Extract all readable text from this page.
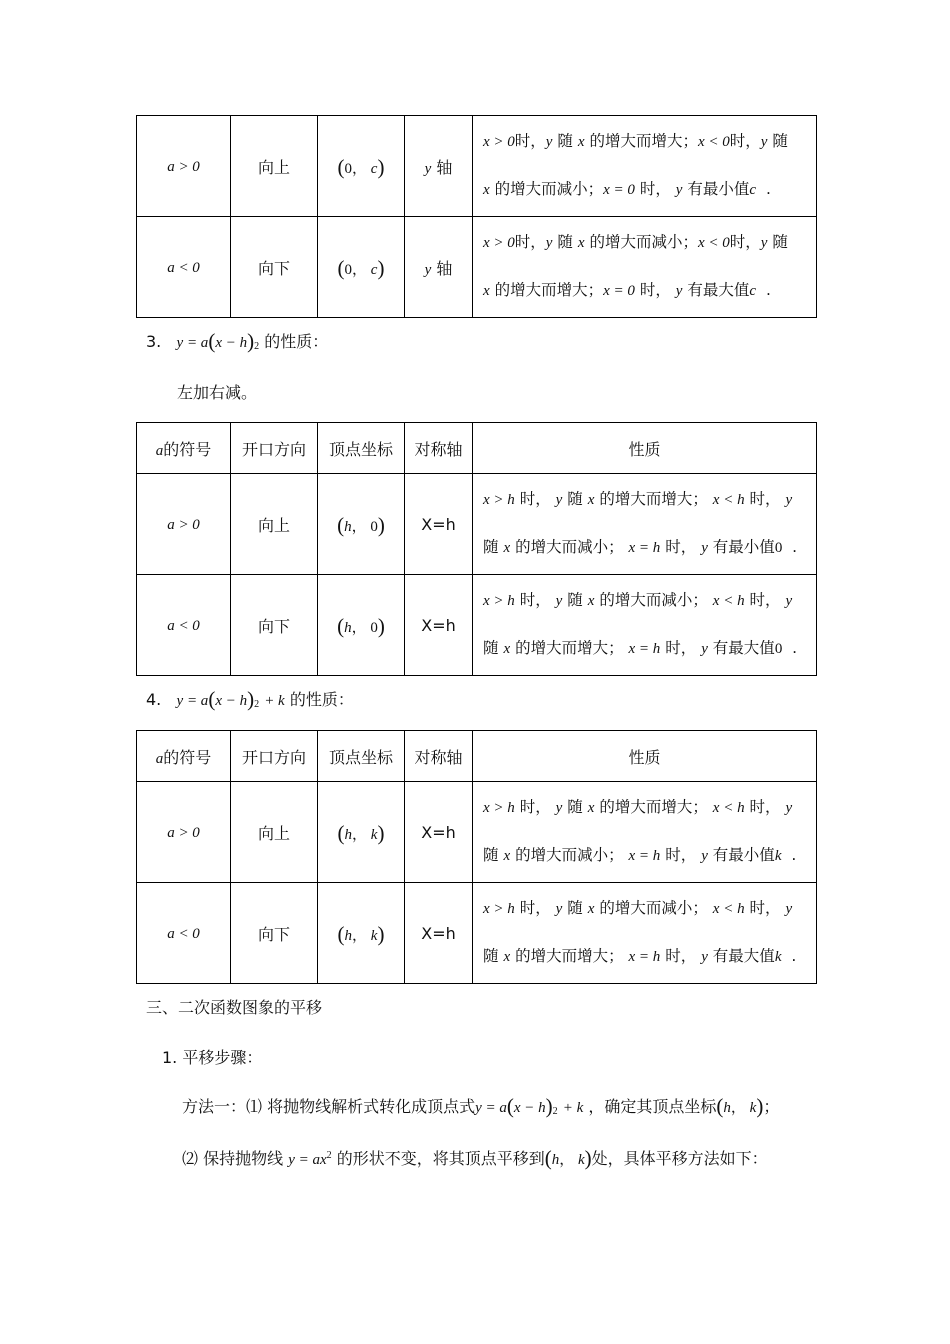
a > 0	向上	(0， c)	y 轴	x > 0时，y 随 x 的增大而增大；x < 0时，y 随
x 的增大而减小；x = 0 时， y 有最小值c .

a < 0	向下	(0， c)	y 轴	x > 0时，y 随 x 的增大而减小；x < 0时，y 随
x 的增大而增大；x = 0 时， y 有最大值c .
3. y = a(x − h)2 的性质：
左加右减。
a的符号	开口方向	顶点坐标	对称轴	性质
a > 0	向上	(h， 0)	X=h	x > h 时， y 随 x 的增大而增大； x < h 时， y
随 x 的增大而减小； x = h 时， y 有最小值0 .

a < 0	向下	(h， 0)	X=h	x > h 时， y 随 x 的增大而减小； x < h 时， y
随 x 的增大而增大； x = h 时， y 有最大值0 .
4. y = a(x − h)2 + k 的性质：
a的符号	开口方向	顶点坐标	对称轴	性质
a > 0	向上	(h， k)	X=h	x > h 时， y 随 x 的增大而增大； x < h 时， y
随 x 的增大而减小； x = h 时， y 有最小值k .

a < 0	向下	(h， k)	X=h	x > h 时， y 随 x 的增大而减小； x < h 时， y
随 x 的增大而增大； x = h 时， y 有最大值k .
三、二次函数图象的平移
1. 平移步骤：
方法一：⑴ 将抛物线解析式转化成顶点式y = a(x − h)2 + k ，确定其顶点坐标(h， k)；
⑵ 保持抛物线 $y = ax^2$ 的形状不变，将其顶点平移到(h， k)处，具体平移方法如下：
